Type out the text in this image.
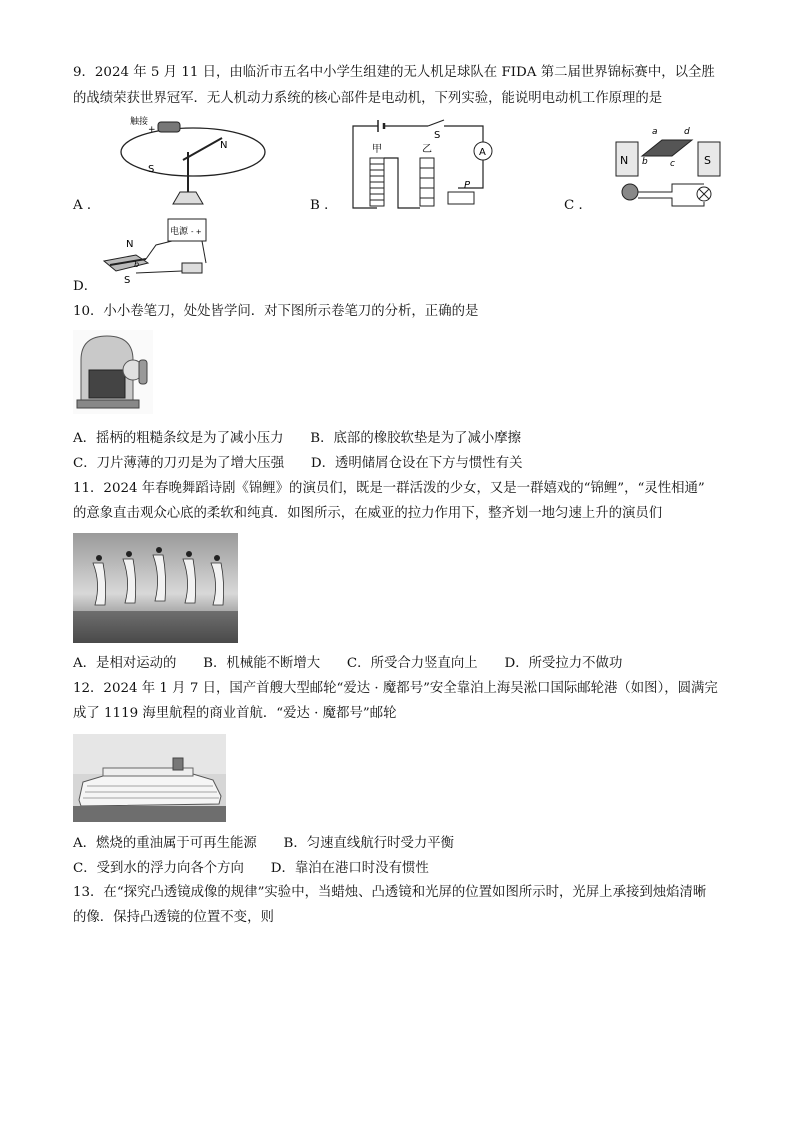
9．2024 年 5 月 11 日，由临沂市五名中小学生组建的无人机足球队在 FIDA 第二届世界锦标赛中，以全胜
的战绩荣获世界冠军．无人机动力系统的核心部件是电动机，下列实验，能说明电动机工作原理的是
触接
+
N
S
A ．
S
A
甲	乙
P
B ．
N	S
a	d
b c
C ．
电源 - +
N
b
S
D．
10．小小卷笔刀，处处皆学问．对下图所示卷笔刀的分析，正确的是
A．摇柄的粗糙条纹是为了减小压力　　B．底部的橡胶软垫是为了减小摩擦
C．刀片薄薄的刀刃是为了增大压强　　D．透明储屑仓设在下方与惯性有关
11．2024 年春晚舞蹈诗剧《锦鲤》的演员们，既是一群活泼的少女，又是一群嬉戏的“锦鲤”，“灵性相通”
的意象直击观众心底的柔软和纯真．如图所示，在威亚的拉力作用下，整齐划一地匀速上升的演员们
A．是相对运动的　　B．机械能不断增大　　C．所受合力竖直向上　　D．所受拉力不做功
12．2024 年 1 月 7 日，国产首艘大型邮轮“爱达 · 魔都号”安全靠泊上海吴淞口国际邮轮港（如图），圆满完
成了 1119 海里航程的商业首航．“爱达 · 魔都号”邮轮
A．燃烧的重油属于可再生能源　　B．匀速直线航行时受力平衡
C．受到水的浮力向各个方向　　D．靠泊在港口时没有惯性
13．在“探究凸透镜成像的规律”实验中，当蜡烛、凸透镜和光屏的位置如图所示时，光屏上承接到烛焰清晰
的像．保持凸透镜的位置不变，则
